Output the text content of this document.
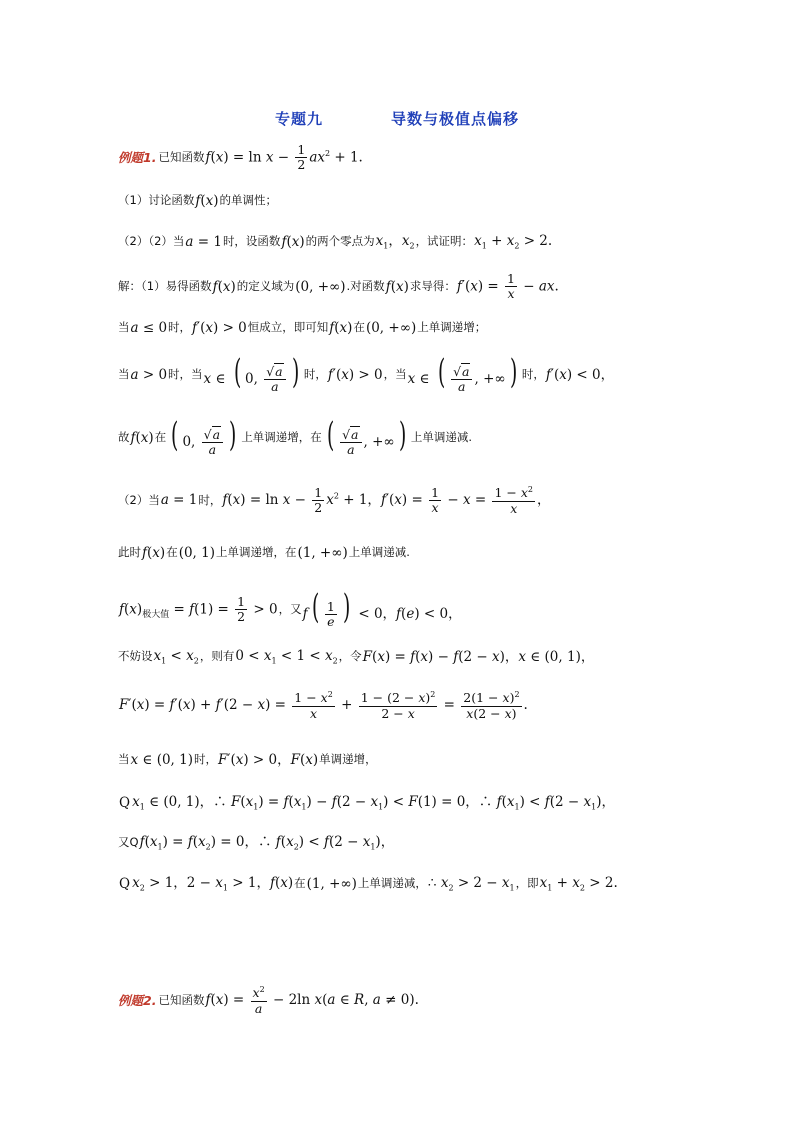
专题九	导数与极值点偏移
例题1. 已知函数 $f(x) = \ln x - \frac{1}{2} ax^2 + 1$.
（1）讨论函数 f(x) 的单调性；
（2）（2）当 a = 1 时，设函数 f(x) 的两个零点为 $x_1$，$x_2$ ，试证明： $x_1 + x_2 > 2$.
解：（1）易得函数 f(x) 的定义域为 (0, +∞) .对函数 f(x) 求导得： $f'(x) = \frac{1}{x}$ − ax.
当 a ≤ 0 时， f′(x) > 0 恒成立，即可知 f(x) 在 (0, +∞) 上单调递增；
当 a > 0 时，当 x ∈ ( 0, $\frac{√a}{a}$ ) 时， f′(x) > 0 ，当 x ∈ ( $\frac{√a}{a}$ , +∞ ) 时， f′(x) < 0，
故 f(x) 在 ( 0, $\frac{√a}{a}$ ) 上单调递增，在 ( $\frac{√a}{a}$ , +∞ ) 上单调递减.
（2）当 a = 1 时， $f(x) = \ln x - \frac{1}{2} x^2 + 1$，$f'(x) = \frac{1}{x} - x = \frac{1 - x^2}{x}$ ，
此时 f(x) 在 (0, 1) 上单调递增，在 (1, +∞) 上单调递减.
$f(x)_{极大值} = f(1) = \frac{1}{2} > 0$ ，又 f ( $\frac{1}{e}$ ) < 0，f(e) < 0，
不妨设 $x_1 < x_2$ ，则有 $0 < x_1 < 1 < x_2$ ，令 F(x) = f(x) − f(2 − x)，x ∈ (0, 1)，
$F'(x) = f'(x) + f'(2 - x) = \frac{1 - x^2}{x} + \frac{1 - (2 - x)^2}{2 - x} = \frac{2(1 - x)^2}{x(2 - x)}$ .
当 x ∈ (0, 1) 时， F′(x) > 0，F(x) 单调递增，
Q $x_1$ ∈ (0, 1)，∴ $F(x_1) = f(x_1) - f(2 - x_1) < F(1) = 0$，∴ $f(x_1) < f(2 - x_1)$，
又Q $f(x_1) = f(x_2) = 0$，∴ $f(x_2) < f(2 - x_1)$，
Q $x_2 > 1$，$2 - x_1 > 1$，f(x) 在 (1, +∞) 上单调递减， ∴ $x_2 > 2 - x_1$ ，即 $x_1 + x_2 > 2$.
例题2. 已知函数 $f(x) = \frac{x^2}{a} - 2\ln$ x(a ∈ R, a ≠ 0).
